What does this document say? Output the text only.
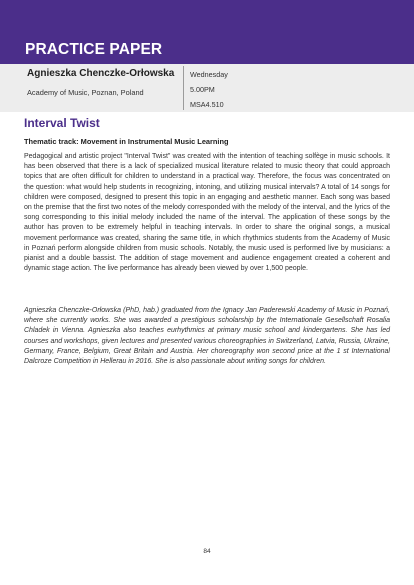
PRACTICE PAPER
Agnieszka Chenczke-Orłowska
Academy of Music, Poznan, Poland
Wednesday
5.00PM
MSA4.510
Interval Twist
Thematic track: Movement in Instrumental Music Learning

Pedagogical and artistic project "Interval Twist" was created with the intention of teaching solfège in music schools. It has been observed that there is a lack of specialized musical literature related to music theory that could approach topics that are often difficult for children to understand in a practical way. Therefore, the focus was concentrated on the question: what would help students in recognizing, intoning, and utilizing musical intervals? A total of 14 songs for children were composed, designed to present this topic in an engaging and aesthetic manner. Each song was based on the premise that the first two notes of the melody corresponded with the melody of the interval, and the lyrics of the song corresponding to this initial melody included the name of the interval. The application of these songs by the author has proven to be extremely helpful in teaching intervals. In order to share the original songs, a musical movement performance was created, sharing the same title, in which rhythmics students from the Academy of Music in Poznań perform alongside children from music schools. Notably, the music used is performed live by musicians: a pianist and a double bassist. The addition of stage movement and audience engagement created a coherent and dynamic stage action. The live performance has already been viewed by over 1,500 people.

Agnieszka Chenczke-Orłowska (PhD, hab.) graduated from the Ignacy Jan Paderewski Academy of Music in Poznań, where she currently works. She was awarded a prestigious scholarship by the Internationale Gesellschaft Rosalia Chladek in Vienna. Agnieszka also teaches eurhythmics at primary music school and kindergartens. She has led courses and workshops, given lectures and presented various choreographies in Switzerland, Latvia, Russia, Ukraine, Germany, France, Belgium, Great Britain and Austria. Her choreography won second price at the 1 st International Dalcroze Competition in Hellerau in 2016. She is also passionate about writing songs for children.

84
